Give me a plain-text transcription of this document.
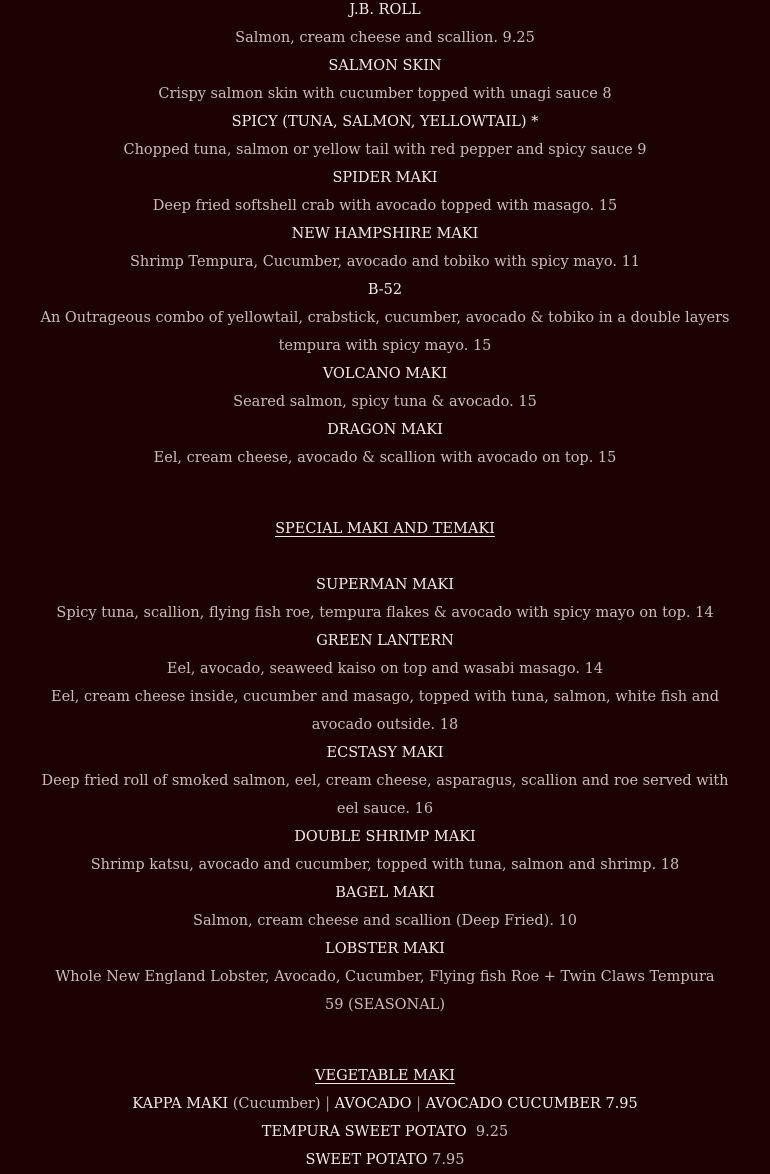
J.B. ROLL
Salmon, cream cheese and scallion. 9.25
SALMON SKIN
Crispy salmon skin with cucumber topped with unagi sauce 8
SPICY (TUNA, SALMON, YELLOWTAIL) *
Chopped tuna, salmon or yellow tail with red pepper and spicy sauce 9
SPIDER MAKI
Deep fried softshell crab with avocado topped with masago. 15
NEW HAMPSHIRE MAKI
Shrimp Tempura, Cucumber, avocado and tobiko with spicy mayo. 11
B-52
An Outrageous combo of yellowtail, crabstick, cucumber, avocado & tobiko in a double layers tempura with spicy mayo. 15
VOLCANO MAKI
Seared salmon, spicy tuna & avocado. 15
DRAGON MAKI
Eel, cream cheese, avocado & scallion with avocado on top. 15
SPECIAL MAKI AND TEMAKI
SUPERMAN MAKI
Spicy tuna, scallion, flying fish roe, tempura flakes & avocado with spicy mayo on top. 14
GREEN LANTERN
Eel, avocado, seaweed kaiso on top and wasabi masago. 14
Eel, cream cheese inside, cucumber and masago, topped with tuna, salmon, white fish and avocado outside. 18
ECSTASY MAKI
Deep fried roll of smoked salmon, eel, cream cheese, asparagus, scallion and roe served with eel sauce. 16
DOUBLE SHRIMP MAKI
Shrimp katsu, avocado and cucumber, topped with tuna, salmon and shrimp. 18
BAGEL MAKI
Salmon, cream cheese and scallion (Deep Fried). 10
LOBSTER MAKI
Whole New England Lobster, Avocado, Cucumber, Flying fish Roe + Twin Claws Tempura 59 (SEASONAL)
VEGETABLE MAKI
KAPPA MAKI (Cucumber) | AVOCADO | AVOCADO CUCUMBER 7.95
TEMPURA SWEET POTATO 9.25
SWEET POTATO 7.95
